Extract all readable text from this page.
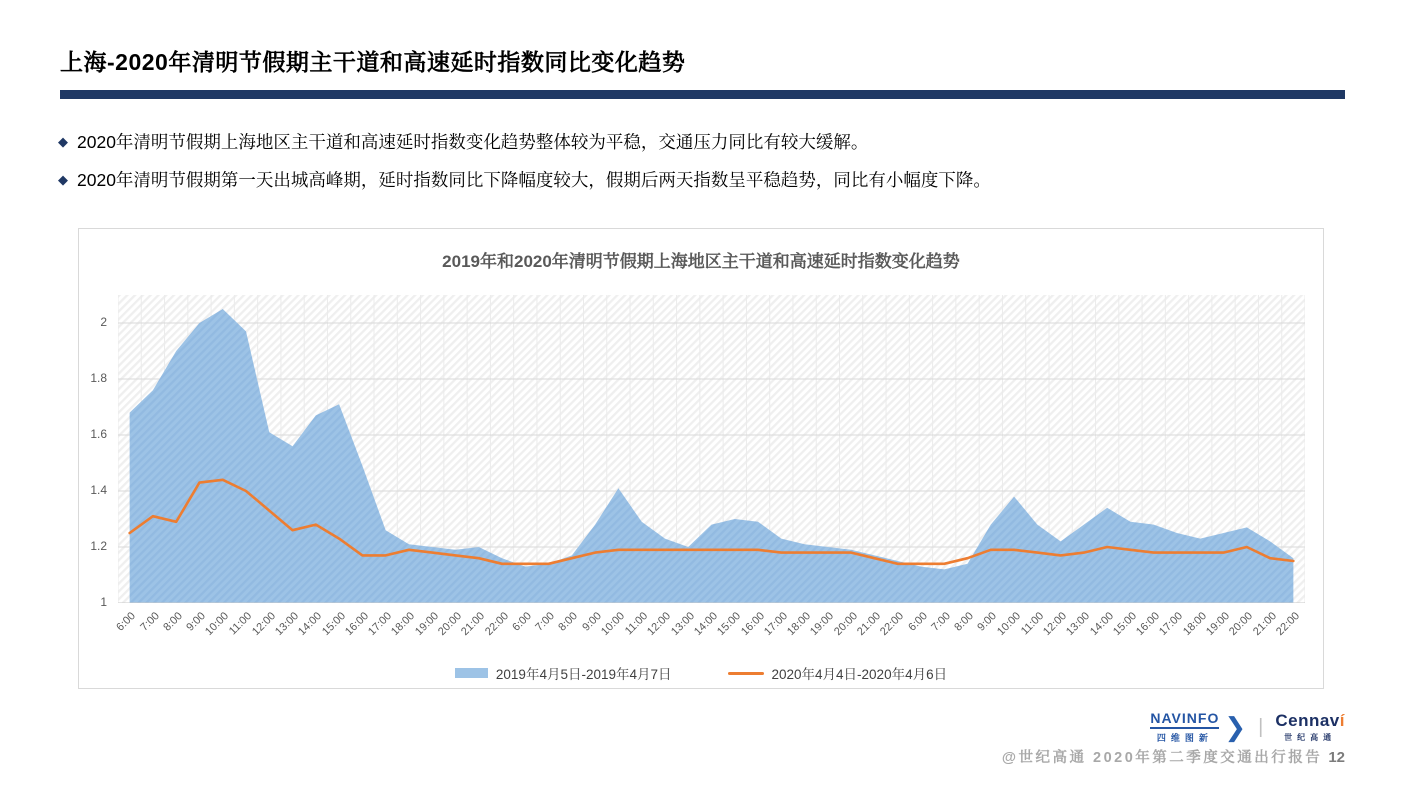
上海-2020年清明节假期主干道和高速延时指数同比变化趋势
◆ 2020年清明节假期上海地区主干道和高速延时指数变化趋势整体较为平稳，交通压力同比有较大缓解。
◆ 2020年清明节假期第一天出城高峰期，延时指数同比下降幅度较大，假期后两天指数呈平稳趋势，同比有小幅度下降。
2019年和2020年清明节假期上海地区主干道和高速延时指数变化趋势
1
1.2
1.4
1.6
1.8
2
6:00 7:00 8:00 9:00
10:00
11:00
12:00
13:00
14:00
15:00
16:00
17:00
18:00
19:00
20:00
21:00
22:00 6:00 7:00 8:00 9:00
10:00
11:00
12:00
13:00
14:00
15:00
16:00
17:00
18:00
19:00
20:00
21:00
22:00 6:00 7:00 8:00 9:00
10:00
11:00
12:00
13:00
14:00
15:00
16:00
17:00
18:00
19:00
20:00
21:00
22:00
2019年4月5日-2019年4月7日	2020年4月4日-2020年4月6日
NAVINFO
四维图新 ❯ | Cennaví
世纪高通
@世纪高通 2020年第二季度交通出行报告 12
